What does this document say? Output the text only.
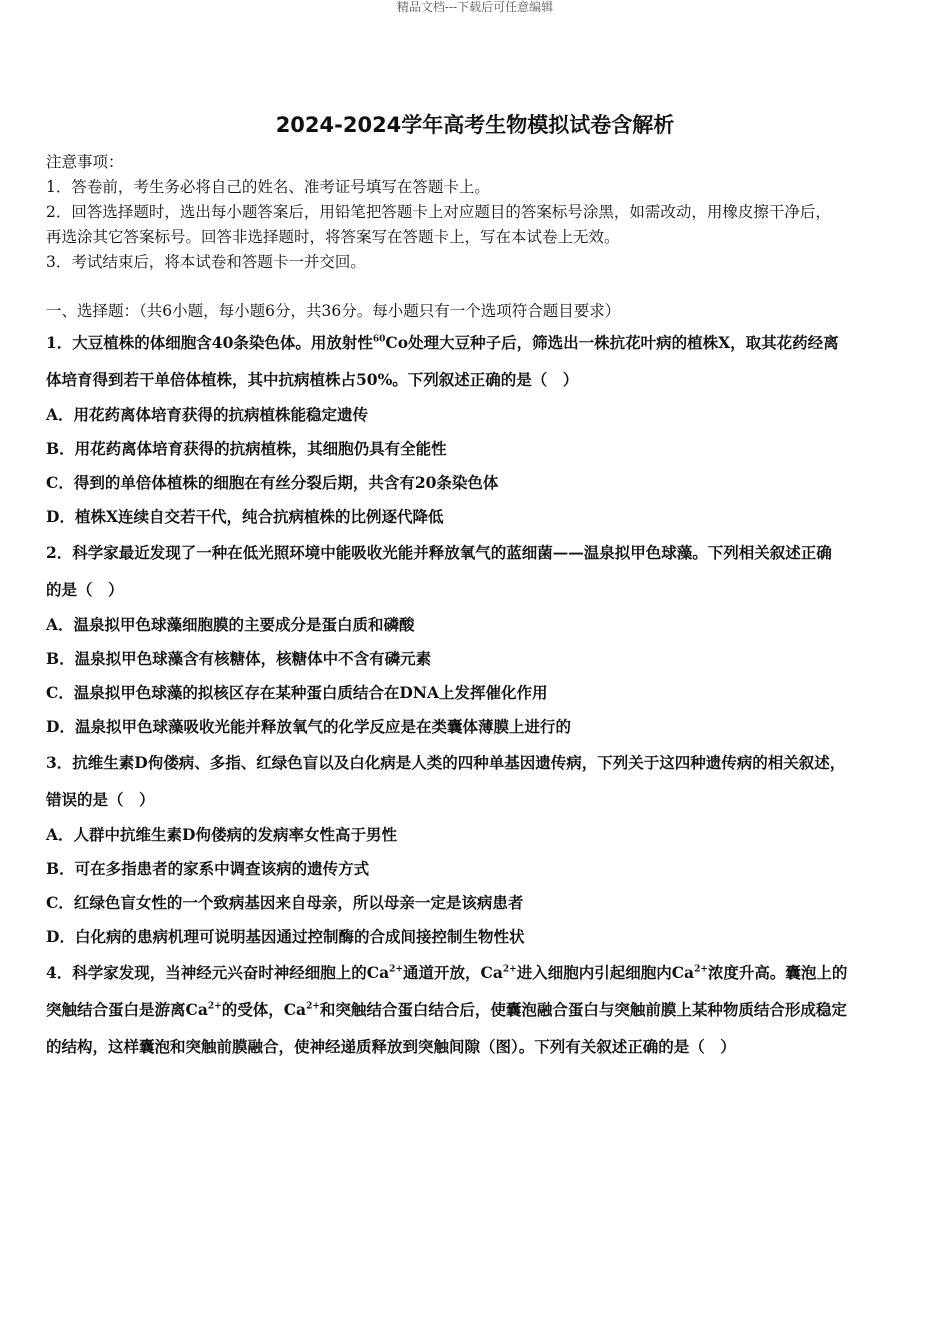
精品文档---下载后可任意编辑
2024-2024学年高考生物模拟试卷含解析
注意事项：
1．答卷前，考生务必将自己的姓名、准考证号填写在答题卡上。
2．回答选择题时，选出每小题答案后，用铅笔把答题卡上对应题目的答案标号涂黑，如需改动，用橡皮擦干净后，
再选涂其它答案标号。回答非选择题时，将答案写在答题卡上，写在本试卷上无效。
3．考试结束后，将本试卷和答题卡一并交回。
一、选择题：（共6小题，每小题6分，共36分。每小题只有一个选项符合题目要求）
1．大豆植株的体细胞含40条染色体。用放射性$^{60}$Co处理大豆种子后，筛选出一株抗花叶病的植株X，取其花药经离
体培育得到若干单倍体植株，其中抗病植株占50%。下列叙述正确的是（　）
A．用花药离体培育获得的抗病植株能稳定遗传
B．用花药离体培育获得的抗病植株，其细胞仍具有全能性
C．得到的单倍体植株的细胞在有丝分裂后期，共含有20条染色体
D．植株X连续自交若干代，纯合抗病植株的比例逐代降低
2．科学家最近发现了一种在低光照环境中能吸收光能并释放氧气的蓝细菌——温泉拟甲色球藻。下列相关叙述正确
的是（　）
A．温泉拟甲色球藻细胞膜的主要成分是蛋白质和磷酸
B．温泉拟甲色球藻含有核糖体，核糖体中不含有磷元素
C．温泉拟甲色球藻的拟核区存在某种蛋白质结合在DNA上发挥催化作用
D．温泉拟甲色球藻吸收光能并释放氧气的化学反应是在类囊体薄膜上进行的
3．抗维生素D佝偻病、多指、红绿色盲以及白化病是人类的四种单基因遗传病，下列关于这四种遗传病的相关叙述，
错误的是（　）
A．人群中抗维生素D佝偻病的发病率女性高于男性
B．可在多指患者的家系中调查该病的遗传方式
C．红绿色盲女性的一个致病基因来自母亲，所以母亲一定是该病患者
D．白化病的患病机理可说明基因通过控制酶的合成间接控制生物性状
4．科学家发现，当神经元兴奋时神经细胞上的$Ca^{2+}$通道开放，$Ca^{2+}$进入细胞内引起细胞内$Ca^{2+}$浓度升高。囊泡上的
突触结合蛋白是游离$Ca^{2+}$的受体，$Ca^{2+}$和突触结合蛋白结合后，使囊泡融合蛋白与突触前膜上某种物质结合形成稳定
的结构，这样囊泡和突触前膜融合，使神经递质释放到突触间隙（图）。下列有关叙述正确的是（　）
